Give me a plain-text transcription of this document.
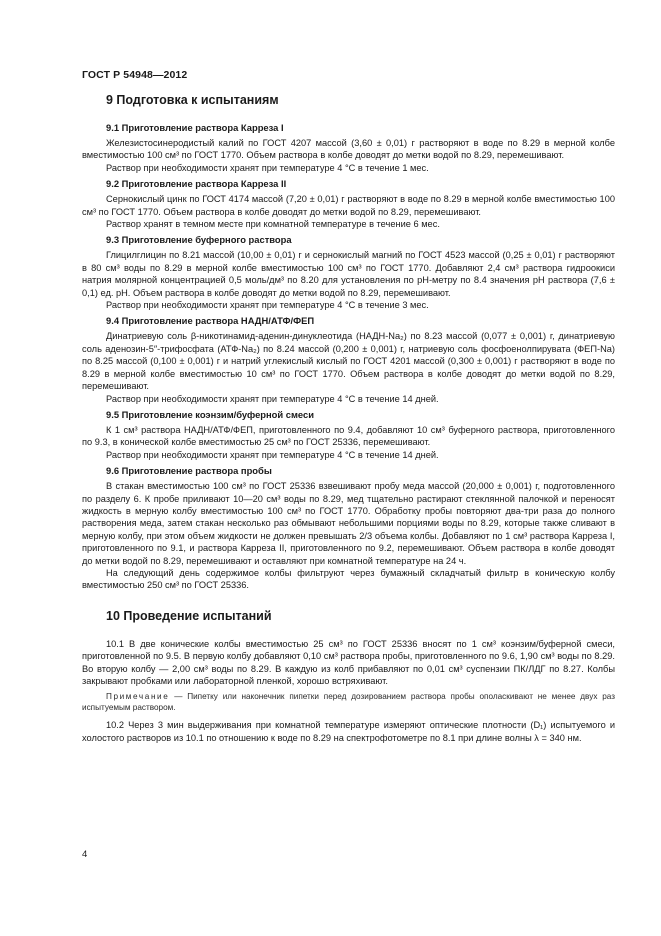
ГОСТ Р 54948—2012
9 Подготовка к испытаниям
9.1 Приготовление раствора Карреза I

Железистосинеродистый калий по ГОСТ 4207 массой (3,60 ± 0,01) г растворяют в воде по 8.29 в мерной колбе вместимостью 100 см³ по ГОСТ 1770. Объем раствора в колбе доводят до метки водой по 8.29, перемешивают.

Раствор при необходимости хранят при температуре 4 °С в течение 1 мес.

9.2 Приготовление раствора Карреза II

Сернокислый цинк по ГОСТ 4174 массой (7,20 ± 0,01) г растворяют в воде по 8.29 в мерной колбе вместимостью 100 см³ по ГОСТ 1770. Объем раствора в колбе доводят до метки водой по 8.29, перемешивают.

Раствор хранят в темном месте при комнатной температуре в течение 6 мес.

9.3 Приготовление буферного раствора

Глицилглицин по 8.21 массой (10,00 ± 0,01) г и сернокислый магний по ГОСТ 4523 массой (0,25 ± 0,01) г растворяют в 80 см³ воды по 8.29 в мерной колбе вместимостью 100 см³ по ГОСТ 1770. Добавляют 2,4 см³ раствора гидроокиси натрия молярной концентрацией 0,5 моль/дм³ по 8.20 для установления по рН-метру по 8.4 значения рН раствора (7,6 ± 0,1) ед. рН. Объем раствора в колбе доводят до метки водой по 8.29, перемешивают.

Раствор при необходимости хранят при температуре 4 °С в течение 3 мес.

9.4 Приготовление раствора НАДН/АТФ/ФЕП

Динатриевую соль β-никотинамид-аденин-динуклеотида (НАДН-Na₂) по 8.23 массой (0,077 ± 0,001) г, динатриевую соль аденозин-5″-трифосфата (АТФ-Na₂) по 8.24 массой (0,200 ± 0,001) г, натриевую соль фосфоенолпирувата (ФЕП-Na) по 8.25 массой (0,100 ± 0,001) г и натрий углекислый кислый по ГОСТ 4201 массой (0,300 ± 0,001) г растворяют в воде по 8.29 в мерной колбе вместимостью 10 см³ по ГОСТ 1770. Объем раствора в колбе доводят до метки водой по 8.29, перемешивают.

Раствор при необходимости хранят при температуре 4 °С в течение 14 дней.

9.5 Приготовление коэнзим/буферной смеси

К 1 см³ раствора НАДН/АТФ/ФЕП, приготовленного по 9.4, добавляют 10 см³ буферного раствора, приготовленного по 9.3, в конической колбе вместимостью 25 см³ по ГОСТ 25336, перемешивают.

Раствор при необходимости хранят при температуре 4 °С в течение 14 дней.

9.6 Приготовление раствора пробы

В стакан вместимостью 100 см³ по ГОСТ 25336 взвешивают пробу меда массой (20,000 ± 0,001) г, подготовленного по разделу 6. К пробе приливают 10—20 см³ воды по 8.29, мед тщательно растирают стеклянной палочкой и переносят жидкость в мерную колбу вместимостью 100 см³ по ГОСТ 1770. Обработку пробы повторяют два-три раза до полного растворения меда, затем стакан несколько раз обмывают небольшими порциями воды по 8.29, которые также сливают в мерную колбу, при этом объем жидкости не должен превышать 2/3 объема колбы. Добавляют по 1 см³ раствора Карреза I, приготовленного по 9.1, и раствора Карреза II, приготовленного по 9.2, перемешивают. Объем раствора в колбе доводят до метки водой по 8.29, перемешивают и оставляют при комнатной температуре на 24 ч.

На следующий день содержимое колбы фильтруют через бумажный складчатый фильтр в коническую колбу вместимостью 250 см³ по ГОСТ 25336.

10 Проведение испытаний

10.1 В две конические колбы вместимостью 25 см³ по ГОСТ 25336 вносят по 1 см³ коэнзим/буферной смеси, приготовленной по 9.5. В первую колбу добавляют 0,10 см³ раствора пробы, приготовленного по 9.6, 1,90 см³ воды по 8.29. Во вторую колбу — 2,00 см³ воды по 8.29. В каждую из колб прибавляют по 0,01 см³ суспензии ПК/ЛДГ по 8.27. Колбы закрывают пробками или лабораторной пленкой, хорошо встряхивают.

Примечание — Пипетку или наконечник пипетки перед дозированием раствора пробы ополаскивают не менее двух раз испытуемым раствором.

10.2 Через 3 мин выдерживания при комнатной температуре измеряют оптические плотности (D₁) испытуемого и холостого растворов из 10.1 по отношению к воде по 8.29 на спектрофотометре по 8.1 при длине волны λ = 340 нм.

4
